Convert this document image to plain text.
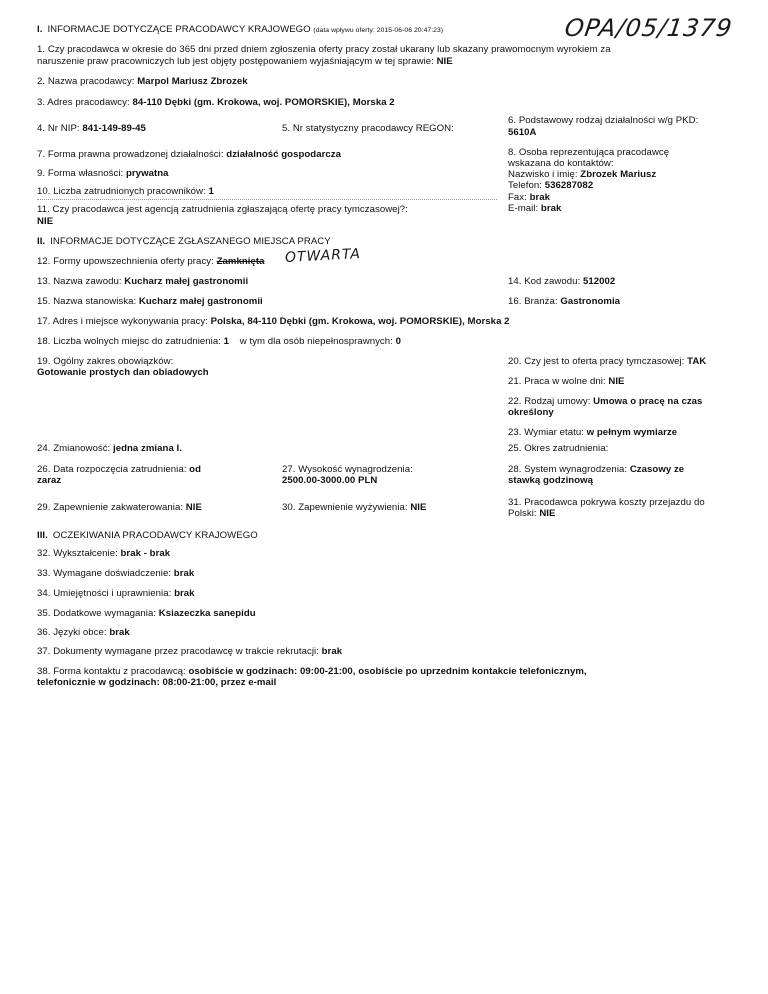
I. INFORMACJE DOTYCZĄCE PRACODAWCY KRAJOWEGO (data wpływu oferty: 2015-06-06 20:47:23)	OPA/05/1379
1. Czy pracodawca w okresie do 365 dni przed dniem zgłoszenia oferty pracy został ukarany lub skazany prawomocnym wyrokiem za
naruszenie praw pracowniczych lub jest objęty postępowaniem wyjaśniającym w tej sprawie: NIE
2. Nazwa pracodawcy: Marpol Mariusz Zbrozek
3. Adres pracodawcy: 84-110 Dębki (gm. Krokowa, woj. POMORSKIE), Morska 2
4. Nr NIP: 841-149-89-45	5. Nr statystyczny pracodawcy REGON:
6. Podstawowy rodzaj działalności w/g PKD:
5610A
7. Forma prawna prowadzonej działalności: działalność gospodarcza	8. Osoba reprezentująca pracodawcę
wskazana do kontaktów:
Nazwisko i imię: Zbrozek Mariusz
Telefon: 536287082
Fax: brak
E-mail: brak
9. Forma własności: prywatna
10. Liczba zatrudnionych pracowników: 1
11. Czy pracodawca jest agencją zatrudnienia zgłaszającą ofertę pracy tymczasowej?:
NIE
II. INFORMACJE DOTYCZĄCE ZGŁASZANEGO MIEJSCA PRACY
12. Formy upowszechnienia oferty pracy: Zamknięta OTWARTA
13. Nazwa zawodu: Kucharz małej gastronomii	14. Kod zawodu: 512002
15. Nazwa stanowiska: Kucharz małej gastronomii	16. Branża: Gastronomia
17. Adres i miejsce wykonywania pracy: Polska, 84-110 Dębki (gm. Krokowa, woj. POMORSKIE), Morska 2
18. Liczba wolnych miejsc do zatrudnienia: 1 w tym dla osób niepełnosprawnych: 0
19. Ogólny zakres obowiązków:
Gotowanie prostych dan obiadowych
20. Czy jest to oferta pracy tymczasowej: TAK
21. Praca w wolne dni: NIE
22. Rodzaj umowy: Umowa o pracę na czas
określony
23. Wymiar etatu: w pełnym wymiarze
24. Zmianowość: jedna zmiana I.	25. Okres zatrudnienia:
26. Data rozpoczęcia zatrudnienia: od
zaraz
27. Wysokość wynagrodzenia:
2500.00-3000.00 PLN
28. System wynagrodzenia: Czasowy ze
stawką godzinową
29. Zapewnienie zakwaterowania: NIE	30. Zapewnienie wyżywienia: NIE	31. Pracodawca pokrywa koszty przejazdu do
Polski: NIE
III. OCZEKIWANIA PRACODAWCY KRAJOWEGO
32. Wykształcenie: brak - brak
33. Wymagane doświadczenie: brak
34. Umiejętności i uprawnienia: brak
35. Dodatkowe wymagania: Ksiazeczka sanepidu
36. Języki obce: brak
37. Dokumenty wymagane przez pracodawcę w trakcie rekrutacji: brak
38. Forma kontaktu z pracodawcą: osobiście w godzinach: 09:00-21:00, osobiście po uprzednim kontakcie telefonicznym,
telefonicznie w godzinach: 08:00-21:00, przez e-mail
